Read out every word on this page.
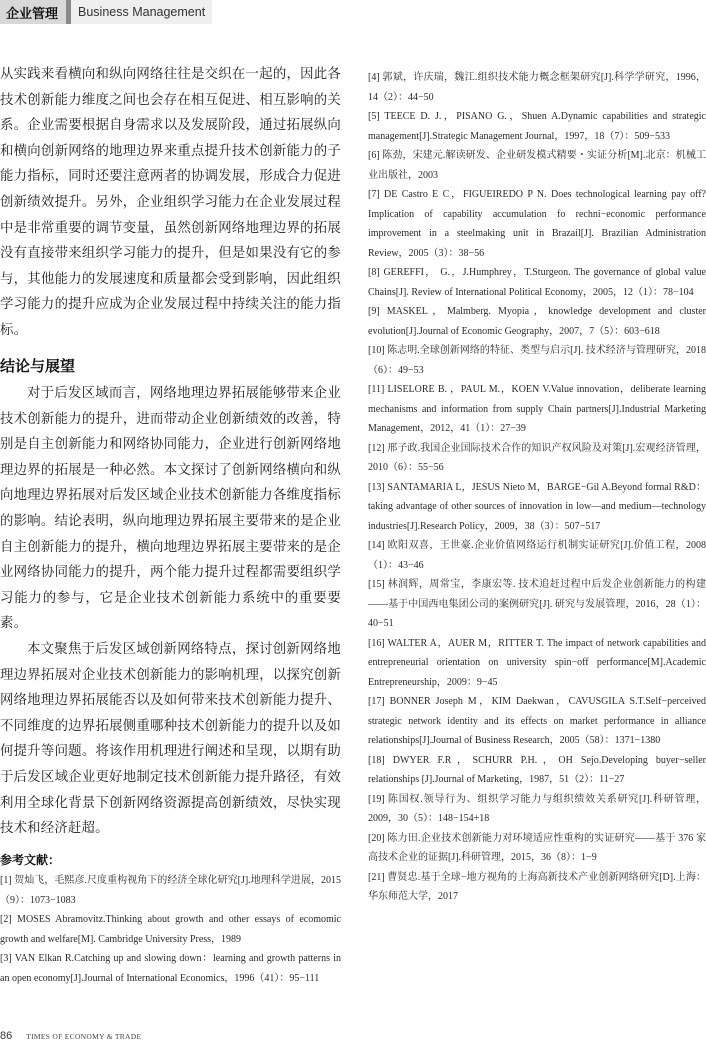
企业管理	Business Management

从实践来看横向和纵向网络往往是交织在一起的，因此各技术创新能力维度之间也会存在相互促进、相互影响的关系。企业需要根据自身需求以及发展阶段，通过拓展纵向和横向创新网络的地理边界来重点提升技术创新能力的子能力指标，同时还要注意两者的协调发展，形成合力促进创新绩效提升。另外，企业组织学习能力在企业发展过程中是非常重要的调节变量，虽然创新网络地理边界的拓展没有直接带来组织学习能力的提升，但是如果没有它的参与，其他能力的发展速度和质量都会受到影响，因此组织学习能力的提升应成为企业发展过程中持续关注的能力指标。

结论与展望

对于后发区域而言，网络地理边界拓展能够带来企业技术创新能力的提升，进而带动企业创新绩效的改善，特别是自主创新能力和网络协同能力，企业进行创新网络地理边界的拓展是一种必然。本文探讨了创新网络横向和纵向地理边界拓展对后发区域企业技术创新能力各维度指标的影响。结论表明，纵向地理边界拓展主要带来的是企业自主创新能力的提升，横向地理边界拓展主要带来的是企业网络协同能力的提升，两个能力提升过程都需要组织学习能力的参与，它是企业技术创新能力系统中的重要要素。

本文聚焦于后发区域创新网络特点，探讨创新网络地理边界拓展对企业技术创新能力的影响机理，以探究创新网络地理边界拓展能否以及如何带来技术创新能力提升、不同维度的边界拓展侧重哪种技术创新能力的提升以及如何提升等问题。将该作用机理进行阐述和呈现，以期有助于后发区域企业更好地制定技术创新能力提升路径，有效利用全球化背景下创新网络资源提高创新绩效，尽快实现技术和经济赶超。

参考文献：

[1] 贺灿飞，毛熙彦.尺度重构视角下的经济全球化研究[J].地理科学进展，2015（9）：1073−1083

[2] MOSES Abramovitz.Thinking about growth and other essays of ecomomic growth and welfare[M]. Cambridge University Press，1989

[3] VAN Elkan R.Catching up and slowing down：learning and growth patterns in an open economy[J].Journal of International Economics，1996（41）：95−111

[4] 郭斌，许庆瑞，魏江.组织技术能力概念框架研究[J].科学学研究，1996，14（2）：44−50

[5] TEECE D. J.，PISANO G.，Shuen A.Dynamic capabilities and strategic management[J].Strategic Management Journal，1997，18（7）：509−533

[6] 陈劲，宋建元.解读研发、企业研发模式精要・实证分析[M].北京：机械工业出版社，2003

[7] DE Castro E C，FIGUEIREDO P N. Does technological learning pay off? Implication of capability accumulation fo rechni−economic performance improvement in a steelmaking unit in Brazail[J]. Brazilian Administration Review，2005（3）：38−56

[8] GEREFFI， G.，J.Humphrey，T.Sturgeon. The governance of global value Chains[J]. Review of International Political Economy，2005，12（1）：78−104

[9] MASKEL，Malmberg. Myopia，knowledge development and cluster evolution[J].Journal of Economic Geography，2007，7（5）：603−618

[10] 陈志明.全球创新网络的特征、类型与启示[J]. 技术经济与管理研究，2018（6）：49−53

[11] LISELORE B. ，PAUL M.，KOEN V.Value innovation，deliberate learning mechanisms and information from supply Chain partners[J].Industrial Marketing Management，2012，41（1）：27−39

[12] 邢子政.我国企业国际技术合作的知识产权风险及对策[J].宏观经济管理，2010（6）：55−56

[13] SANTAMARIA L，JESUS Nieto M，BARGE−Gil A.Beyond formal R&D：taking advantage of other sources of innovation in low—and medium—technology industries[J].Research Policy，2009，38（3）：507−517

[14] 欧阳双喜，王世豪.企业价值网络运行机制实证研究[J].价值工程，2008（1）：43−46

[15] 林润辉，周常宝，李康宏等. 技术追赶过程中后发企业创新能力的构建——基于中国西电集团公司的案例研究[J]. 研究与发展管理，2016，28（1）：40−51

[16] WALTER A，AUER M，RITTER T. The impact of network capabilities and entrepreneurial orientation on university spin−off performance[M].Academic Entrepreneurship，2009：9−45

[17] BONNER Joseph M，KIM Daekwan，CAVUSGILA S.T.Self−perceived strategic network identity and its effects on market performance in alliance relationships[J].Journal of Business Research，2005（58）：1371−1380

[18] DWYER F.R，SCHURR P.H.，OH Sejo.Developing buyer−seller relationships [J].Journal of Marketing，1987，51（2）：11−27

[19] 陈国权.领导行为、组织学习能力与组织绩效关系研究[J].科研管理，2009，30（5）：148−154+18

[20] 陈力田.企业技术创新能力对环境适应性重构的实证研究——基于 376 家高技术企业的证据[J].科研管理，2015，36（8）：1−9

[21] 曹贤忠.基于全球−地方视角的上海高新技术产业创新网络研究[D].上海：华东师范大学，2017

86 TIMES OF ECONOMY & TRADE
